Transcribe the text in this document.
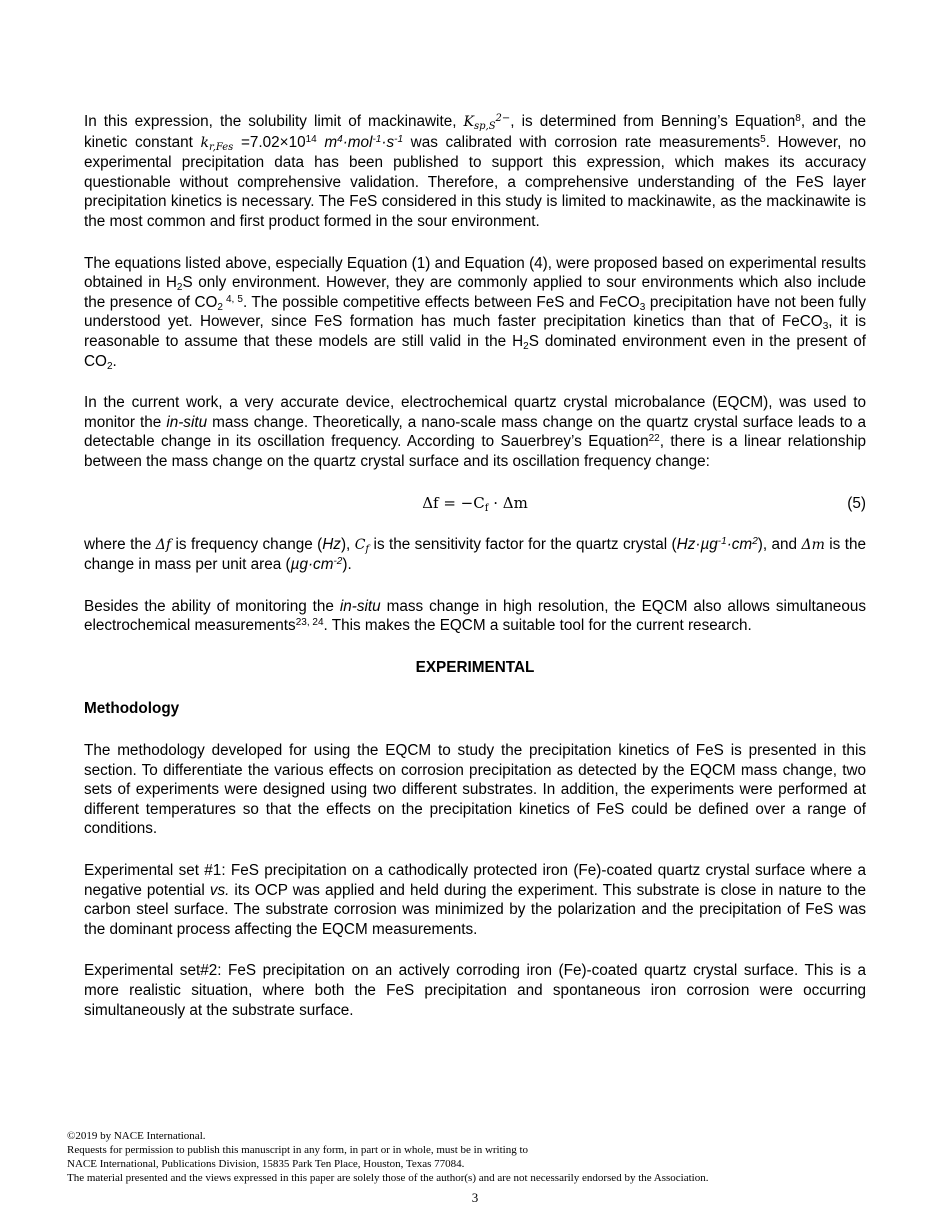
In this expression, the solubility limit of mackinawite, $K_{sp,S}^{2-}$, is determined from Benning’s Equation$^8$, and the kinetic constant $k_{r,Fes} =7.02\times 10^{14}$ $m^4\cdot mol^{-1}\cdot s^{-1}$ was calibrated with corrosion rate measurements$^5$. However, no experimental precipitation data has been published to support this expression, which makes its accuracy questionable without comprehensive validation. Therefore, a comprehensive understanding of the FeS layer precipitation kinetics is necessary. The FeS considered in this study is limited to mackinawite, as the mackinawite is the most common and first product formed in the sour environment.

The equations listed above, especially Equation (1) and Equation (4), were proposed based on experimental results obtained in $H_2S$ only environment. However, they are commonly applied to sour environments which also include the presence of $CO_2$ $^{4, 5}$. The possible competitive effects between FeS and FeCO$_3$ precipitation have not been fully understood yet. However, since FeS formation has much faster precipitation kinetics than that of FeCO$_3$, it is reasonable to assume that these models are still valid in the $H_2S$ dominated environment even in the present of $CO_2$.

In the current work, a very accurate device, electrochemical quartz crystal microbalance (EQCM), was used to monitor the in-situ mass change. Theoretically, a nano-scale mass change on the quartz crystal surface leads to a detectable change in its oscillation frequency. According to Sauerbrey’s Equation$^{22}$, there is a linear relationship between the mass change on the quartz crystal surface and its oscillation frequency change:

$\Delta f = -C_f \cdot \Delta m$	(5)

where the Δf is frequency change (Hz), $C_f$ is the sensitivity factor for the quartz crystal $(Hz\cdot\mu g^{-1}\cdot cm^2)$, and Δm is the change in mass per unit area $(\mu g\cdot cm^{-2})$.

Besides the ability of monitoring the in-situ mass change in high resolution, the EQCM also allows simultaneous electrochemical measurements$^{23, 24}$. This makes the EQCM a suitable tool for the current research.

EXPERIMENTAL
Methodology

The methodology developed for using the EQCM to study the precipitation kinetics of FeS is presented in this section. To differentiate the various effects on corrosion precipitation as detected by the EQCM mass change, two sets of experiments were designed using two different substrates. In addition, the experiments were performed at different temperatures so that the effects on the precipitation kinetics of FeS could be defined over a range of conditions.

Experimental set #1: FeS precipitation on a cathodically protected iron (Fe)-coated quartz crystal surface where a negative potential vs. its OCP was applied and held during the experiment. This substrate is close in nature to the carbon steel surface. The substrate corrosion was minimized by the polarization and the precipitation of FeS was the dominant process affecting the EQCM measurements.

Experimental set#2: FeS precipitation on an actively corroding iron (Fe)-coated quartz crystal surface. This is a more realistic situation, where both the FeS precipitation and spontaneous iron corrosion were occurring simultaneously at the substrate surface.

©2019 by NACE International.
Requests for permission to publish this manuscript in any form, in part or in whole, must be in writing to
NACE International, Publications Division, 15835 Park Ten Place, Houston, Texas 77084.
The material presented and the views expressed in this paper are solely those of the author(s) and are not necessarily endorsed by the Association.
3
